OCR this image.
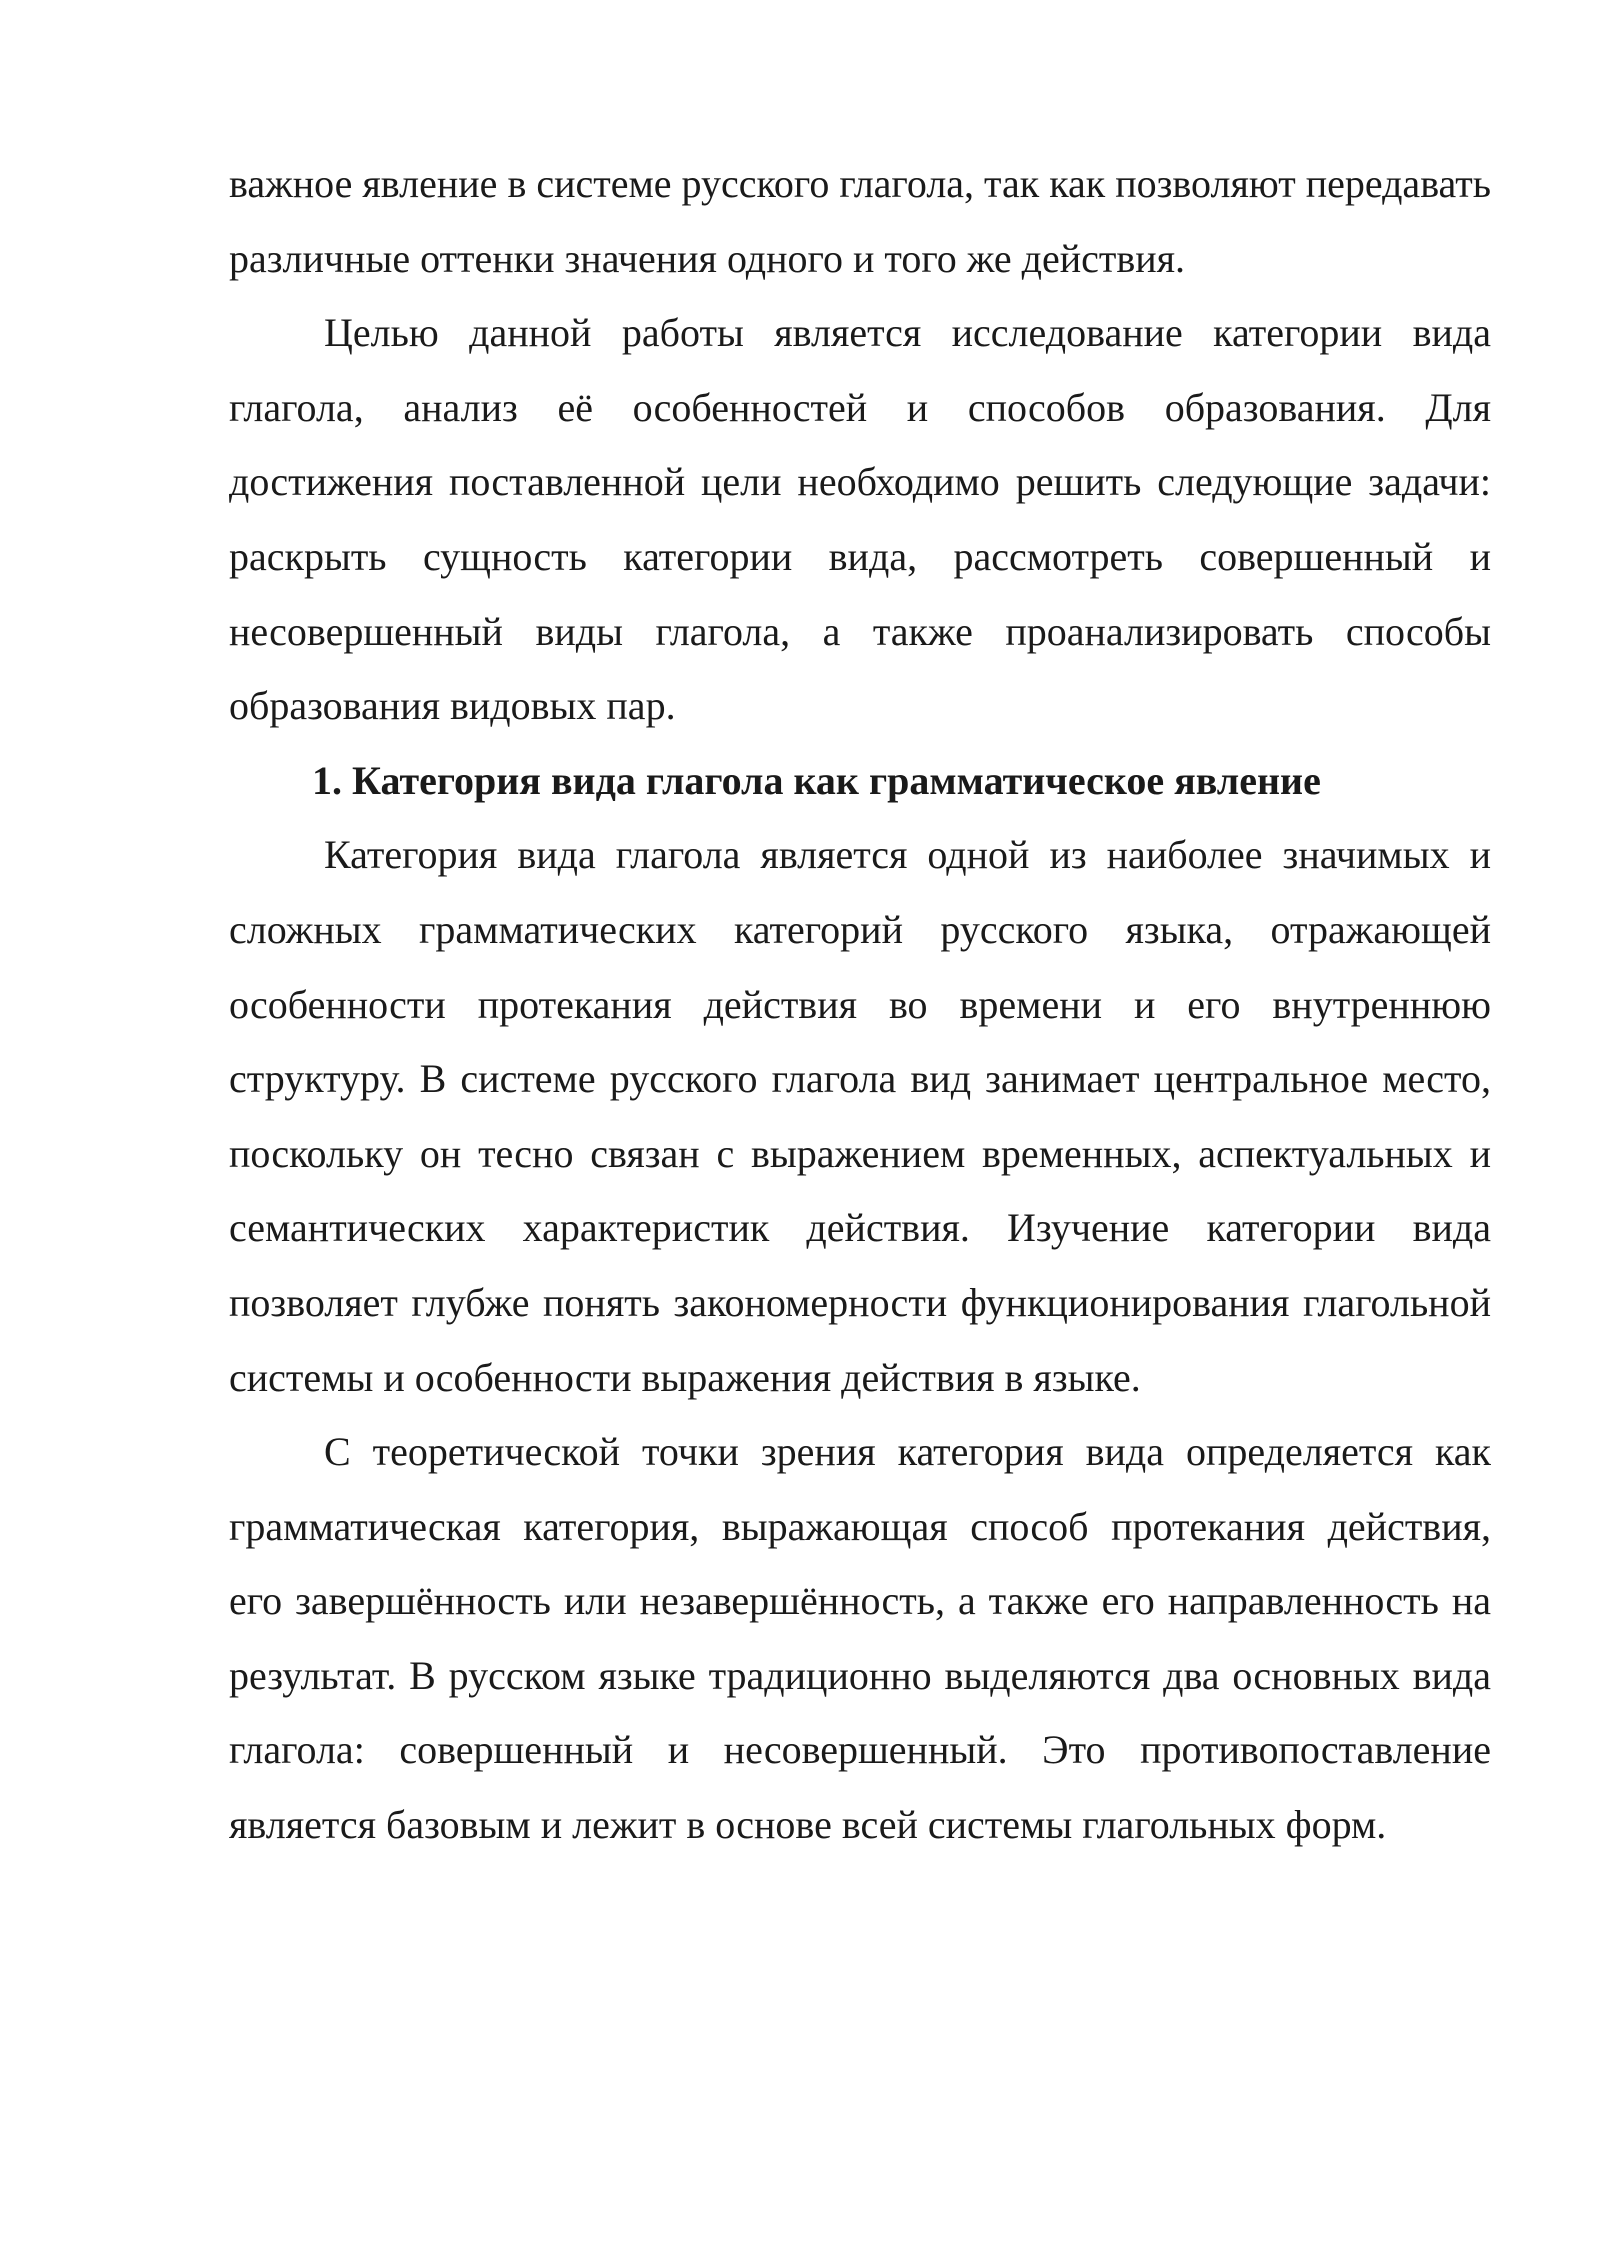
важное явление в системе русского глагола, так как позволяют передавать различные оттенки значения одного и того же действия.

Целью данной работы является исследование категории вида глагола, анализ её особенностей и способов образования. Для достижения поставленной цели необходимо решить следующие задачи: раскрыть сущность категории вида, рассмотреть совершенный и несовершенный виды глагола, а также проанализировать способы образования видовых пар.

1. Категория вида глагола как грамматическое явление

Категория вида глагола является одной из наиболее значимых и сложных грамматических категорий русского языка, отражающей особенности протекания действия во времени и его внутреннюю структуру. В системе русского глагола вид занимает центральное место, поскольку он тесно связан с выражением временных, аспектуальных и семантических характеристик действия. Изучение категории вида позволяет глубже понять закономерности функционирования глагольной системы и особенности выражения действия в языке.

С теоретической точки зрения категория вида определяется как грамматическая категория, выражающая способ протекания действия, его завершённость или незавершённость, а также его направленность на результат. В русском языке традиционно выделяются два основных вида глагола: совершенный и несовершенный. Это противопоставление является базовым и лежит в основе всей системы глагольных форм.
